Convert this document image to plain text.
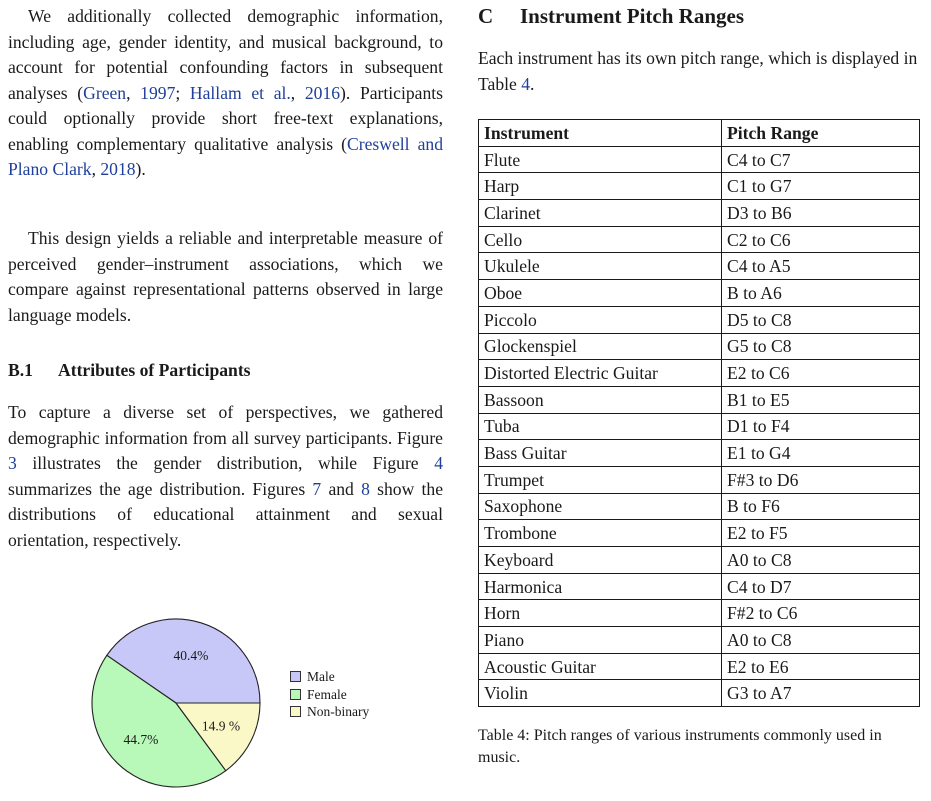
We additionally collected demographic information, including age, gender identity, and musical background, to account for potential confounding factors in subsequent analyses (Green, 1997; Hallam et al., 2016). Participants could optionally provide short free-text explanations, enabling complementary qualitative analysis (Creswell and Plano Clark, 2018).

This design yields a reliable and interpretable measure of perceived gender–instrument associations, which we compare against representational patterns observed in large language models.

B.1 Attributes of Participants

To capture a diverse set of perspectives, we gathered demographic information from all survey participants. Figure 3 illustrates the gender distribution, while Figure 4 summarizes the age distribution. Figures 7 and 8 show the distributions of educational attainment and sexual orientation, respectively.

40.4%
44.7%
14.9 %
Male
Female
Non-binary
C Instrument Pitch Ranges

Each instrument has its own pitch range, which is displayed in Table 4.

Instrument	Pitch Range
Flute	C4 to C7
Harp	C1 to G7
Clarinet	D3 to B6
Cello	C2 to C6
Ukulele	C4 to A5
Oboe	B to A6
Piccolo	D5 to C8
Glockenspiel	G5 to C8
Distorted Electric Guitar	E2 to C6
Bassoon	B1 to E5
Tuba	D1 to F4
Bass Guitar	E1 to G4
Trumpet	F#3 to D6
Saxophone	B to F6
Trombone	E2 to F5
Keyboard	A0 to C8
Harmonica	C4 to D7
Horn	F#2 to C6
Piano	A0 to C8
Acoustic Guitar	E2 to E6
Violin	G3 to A7
Table 4: Pitch ranges of various instruments commonly used in music.
